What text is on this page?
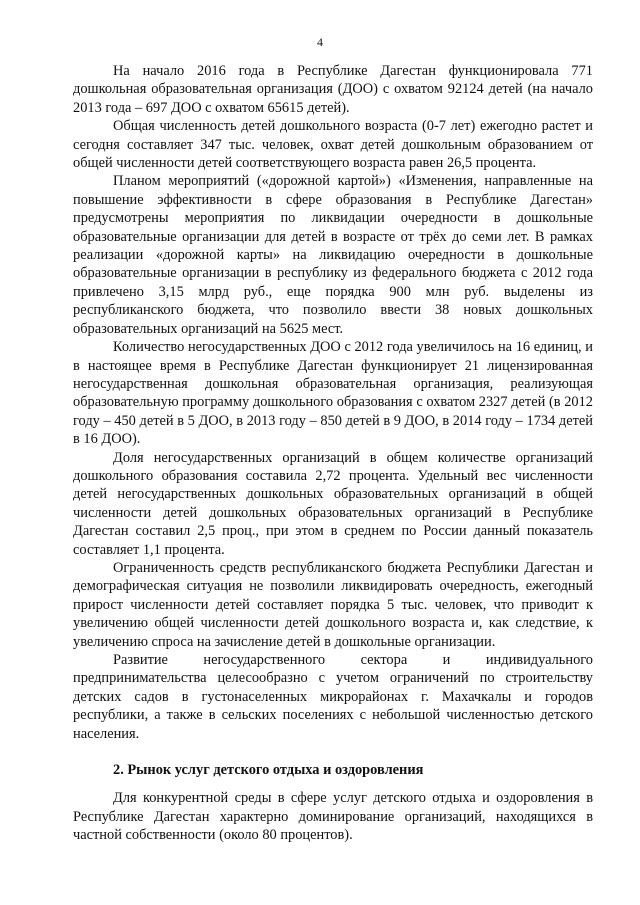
4

На начало 2016 года в Республике Дагестан функционировала 771 дошкольная образовательная организация (ДОО) с охватом 92124 детей (на начало 2013 года – 697 ДОО с охватом 65615 детей).

Общая численность детей дошкольного возраста (0-7 лет) ежегодно растет и сегодня составляет 347 тыс. человек, охват детей дошкольным образованием от общей численности детей соответствующего возраста равен 26,5 процента.

Планом мероприятий («дорожной картой») «Изменения, направленные на повышение эффективности в сфере образования в Республике Дагестан» предусмотрены мероприятия по ликвидации очередности в дошкольные образовательные организации для детей в возрасте от трёх до семи лет. В рамках реализации «дорожной карты» на ликвидацию очередности в дошкольные образовательные организации в республику из федерального бюджета с 2012 года привлечено 3,15 млрд руб., еще порядка 900 млн руб. выделены из республиканского бюджета, что позволило ввести 38 новых дошкольных образовательных организаций на 5625 мест.

Количество негосударственных ДОО с 2012 года увеличилось на 16 единиц, и в настоящее время в Республике Дагестан функционирует 21 лицензированная негосударственная дошкольная образовательная организация, реализующая образовательную программу дошкольного образования с охватом 2327 детей (в 2012 году – 450 детей в 5 ДОО, в 2013 году – 850 детей в 9 ДОО, в 2014 году – 1734 детей в 16 ДОО).

Доля негосударственных организаций в общем количестве организаций дошкольного образования составила 2,72 процента. Удельный вес численности детей негосударственных дошкольных образовательных организаций в общей численности детей дошкольных образовательных организаций в Республике Дагестан составил 2,5 проц., при этом в среднем по России данный показатель составляет 1,1 процента.

Ограниченность средств республиканского бюджета Республики Дагестан и демографическая ситуация не позволили ликвидировать очередность, ежегодный прирост численности детей составляет порядка 5 тыс. человек, что приводит к увеличению общей численности детей дошкольного возраста и, как следствие, к увеличению спроса на зачисление детей в дошкольные организации.

Развитие негосударственного сектора и индивидуального предпринимательства целесообразно с учетом ограничений по строительству детских садов в густонаселенных микрорайонах г. Махачкалы и городов республики, а также в сельских поселениях с небольшой численностью детского населения.

2. Рынок услуг детского отдыха и оздоровления

Для конкурентной среды в сфере услуг детского отдыха и оздоровления в Республике Дагестан характерно доминирование организаций, находящихся в частной собственности (около 80 процентов).
